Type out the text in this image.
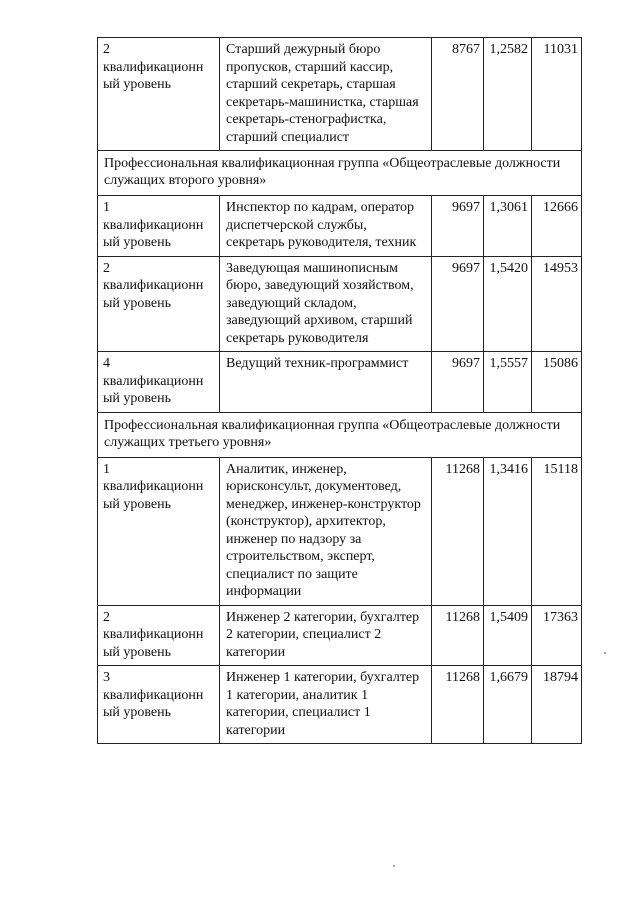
2
квалификационн
ый уровень	Старший дежурный бюро пропусков, старший кассир, старший секретарь, старшая секретарь-машинистка, старшая секретарь-стенографистка, старший специалист	8767	1,2582	11031
Профессиональная квалификационная группа «Общеотраслевые должности служащих второго уровня»				

1
квалификационн
ый уровень	Инспектор по кадрам, оператор диспетчерской службы, секретарь руководителя, техник	9697	1,3061	12666

2
квалификационн
ый уровень	Заведующая машинописным бюро, заведующий хозяйством, заведующий складом, заведующий архивом, старший секретарь руководителя	9697	1,5420	14953

4
квалификационн
ый уровень	Ведущий техник-программист	9697	1,5557	15086
Профессиональная квалификационная группа «Общеотраслевые должности служащих третьего уровня»				

1
квалификационн
ый уровень	Аналитик, инженер, юрисконсульт, документовед, менеджер, инженер-конструктор (конструктор), архитектор, инженер по надзору за строительством, эксперт, специалист по защите информации	11268	1,3416	15118

2
квалификационн
ый уровень	Инженер 2 категории, бухгалтер 2 категории, специалист 2 категории	11268	1,5409	17363

3
квалификационн
ый уровень	Инженер 1 категории, бухгалтер 1 категории, аналитик 1 категории, специалист 1 категории	11268	1,6679	18794
